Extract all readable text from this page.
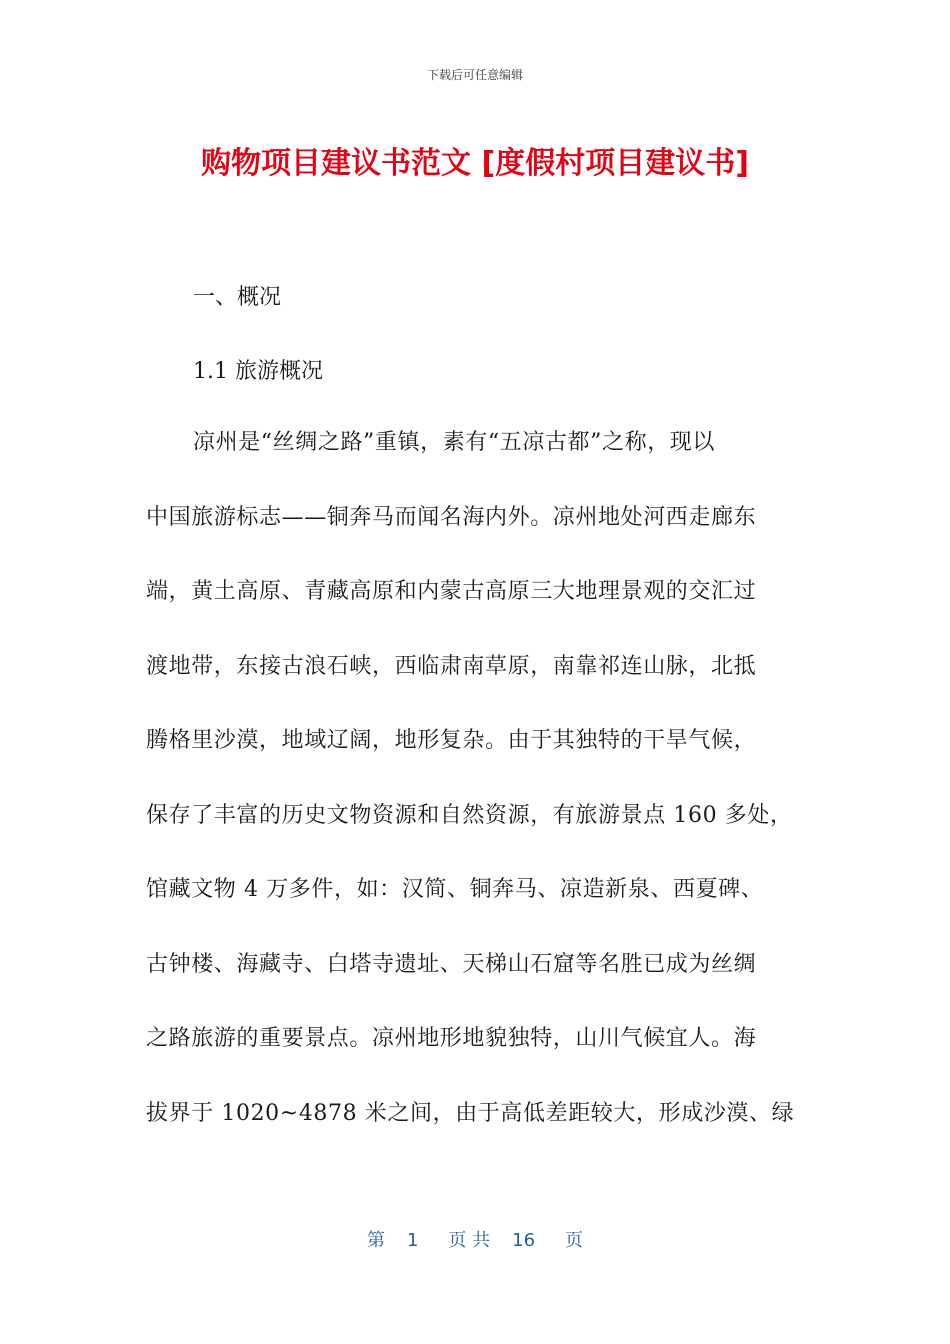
下载后可任意编辑
购物项目建议书范文 [度假村项目建议书]
一、概况
1.1 旅游概况
凉州是“丝绸之路”重镇，素有“五凉古都”之称，现以
中国旅游标志——铜奔马而闻名海内外。凉州地处河西走廊东
端，黄土高原、青藏高原和内蒙古高原三大地理景观的交汇过
渡地带，东接古浪石峡，西临肃南草原，南靠祁连山脉，北抵
腾格里沙漠，地域辽阔，地形复杂。由于其独特的干旱气候，
保存了丰富的历史文物资源和自然资源，有旅游景点 160 多处，
馆藏文物 4 万多件，如：汉简、铜奔马、凉造新泉、西夏碑、
古钟楼、海藏寺、白塔寺遗址、天梯山石窟等名胜已成为丝绸
之路旅游的重要景点。凉州地形地貌独特，山川气候宜人。海
拔界于 1020~4878 米之间，由于高低差距较大，形成沙漠、绿
第 1 页 共 16 页
